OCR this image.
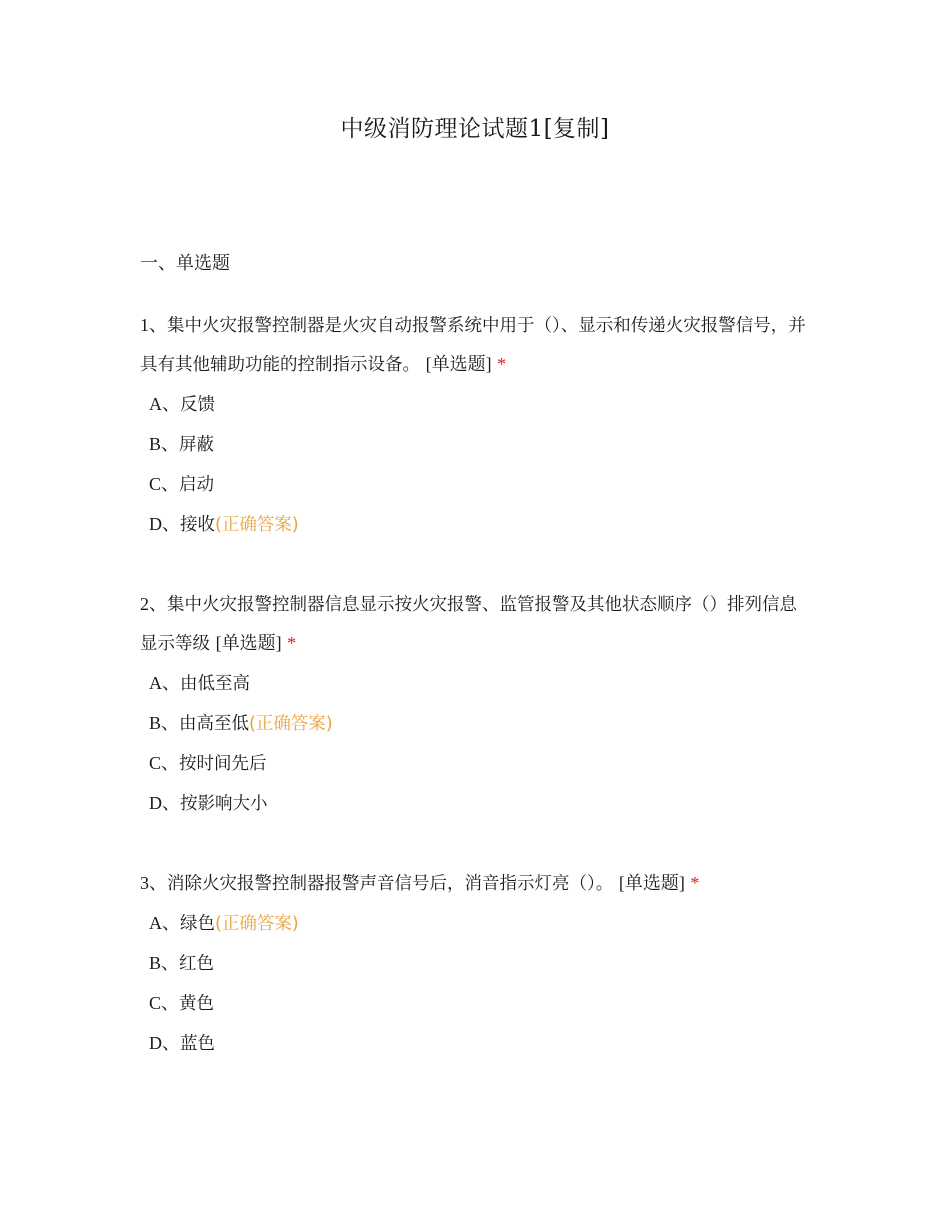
中级消防理论试题1[复制]
一、单选题

1、集中火灾报警控制器是火灾自动报警系统中用于（）、显示和传递火灾报警信号，并具有其他辅助功能的控制指示设备。 [单选题] *

A、反馈
B、屏蔽
C、启动
D、接收(正确答案)

2、集中火灾报警控制器信息显示按火灾报警、监管报警及其他状态顺序（）排列信息显示等级 [单选题] *

A、由低至高
B、由高至低(正确答案)
C、按时间先后
D、按影响大小

3、消除火灾报警控制器报警声音信号后，消音指示灯亮（）。 [单选题] *

A、绿色(正确答案)
B、红色
C、黄色
D、蓝色
